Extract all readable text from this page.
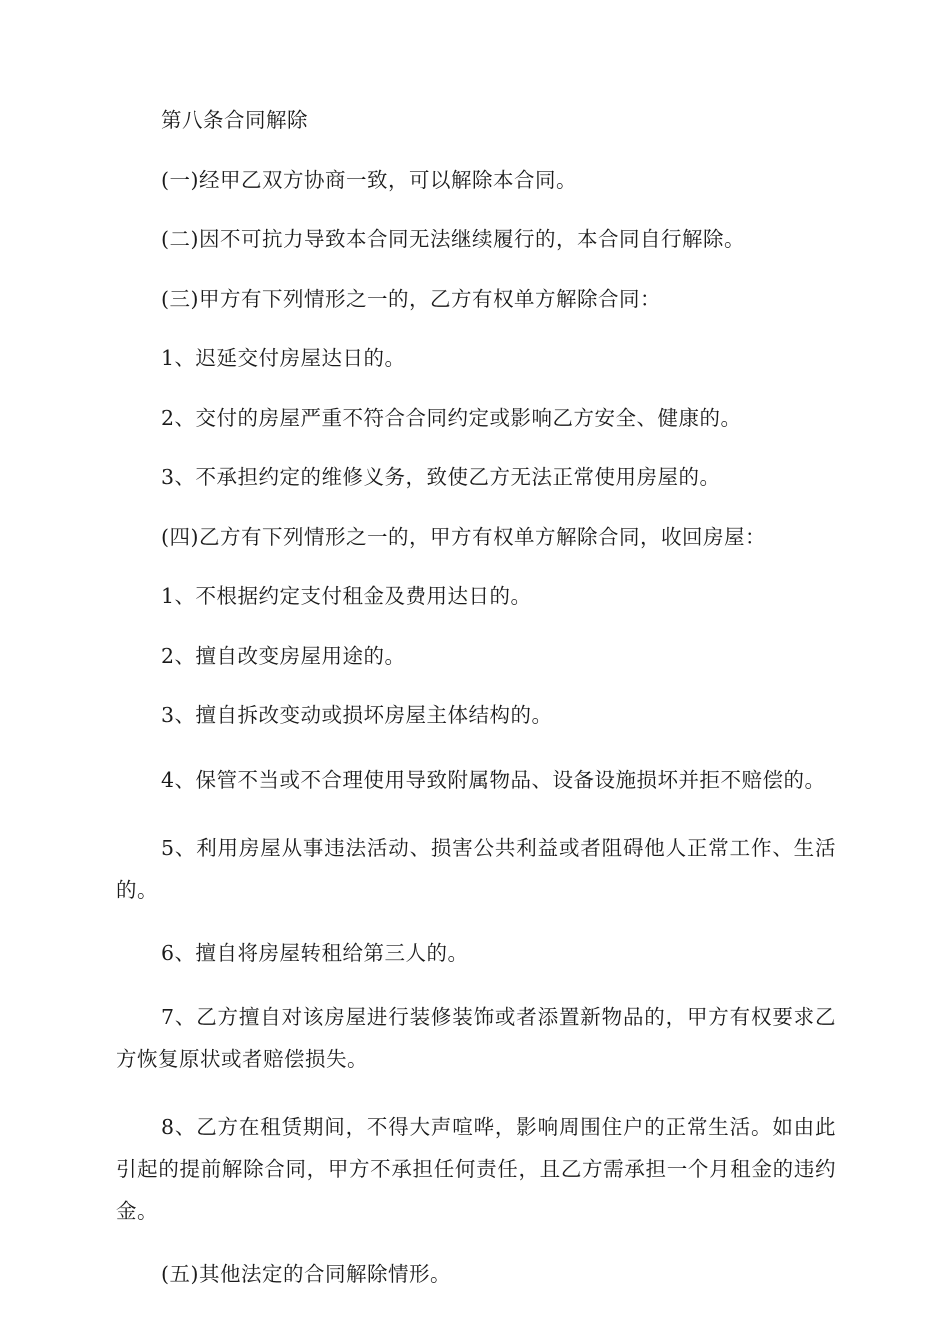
第八条合同解除

(一)经甲乙双方协商一致，可以解除本合同。

(二)因不可抗力导致本合同无法继续履行的，本合同自行解除。

(三)甲方有下列情形之一的，乙方有权单方解除合同：

1、迟延交付房屋达日的。

2、交付的房屋严重不符合合同约定或影响乙方安全、健康的。

3、不承担约定的维修义务，致使乙方无法正常使用房屋的。

(四)乙方有下列情形之一的，甲方有权单方解除合同，收回房屋：

1、不根据约定支付租金及费用达日的。

2、擅自改变房屋用途的。

3、擅自拆改变动或损坏房屋主体结构的。

4、保管不当或不合理使用导致附属物品、设备设施损坏并拒不赔偿的。

5、利用房屋从事违法活动、损害公共利益或者阻碍他人正常工作、生活的。

6、擅自将房屋转租给第三人的。

7、乙方擅自对该房屋进行装修装饰或者添置新物品的，甲方有权要求乙方恢复原状或者赔偿损失。

8、乙方在租赁期间，不得大声喧哗，影响周围住户的正常生活。如由此引起的提前解除合同，甲方不承担任何责任，且乙方需承担一个月租金的违约金。

(五)其他法定的合同解除情形。
